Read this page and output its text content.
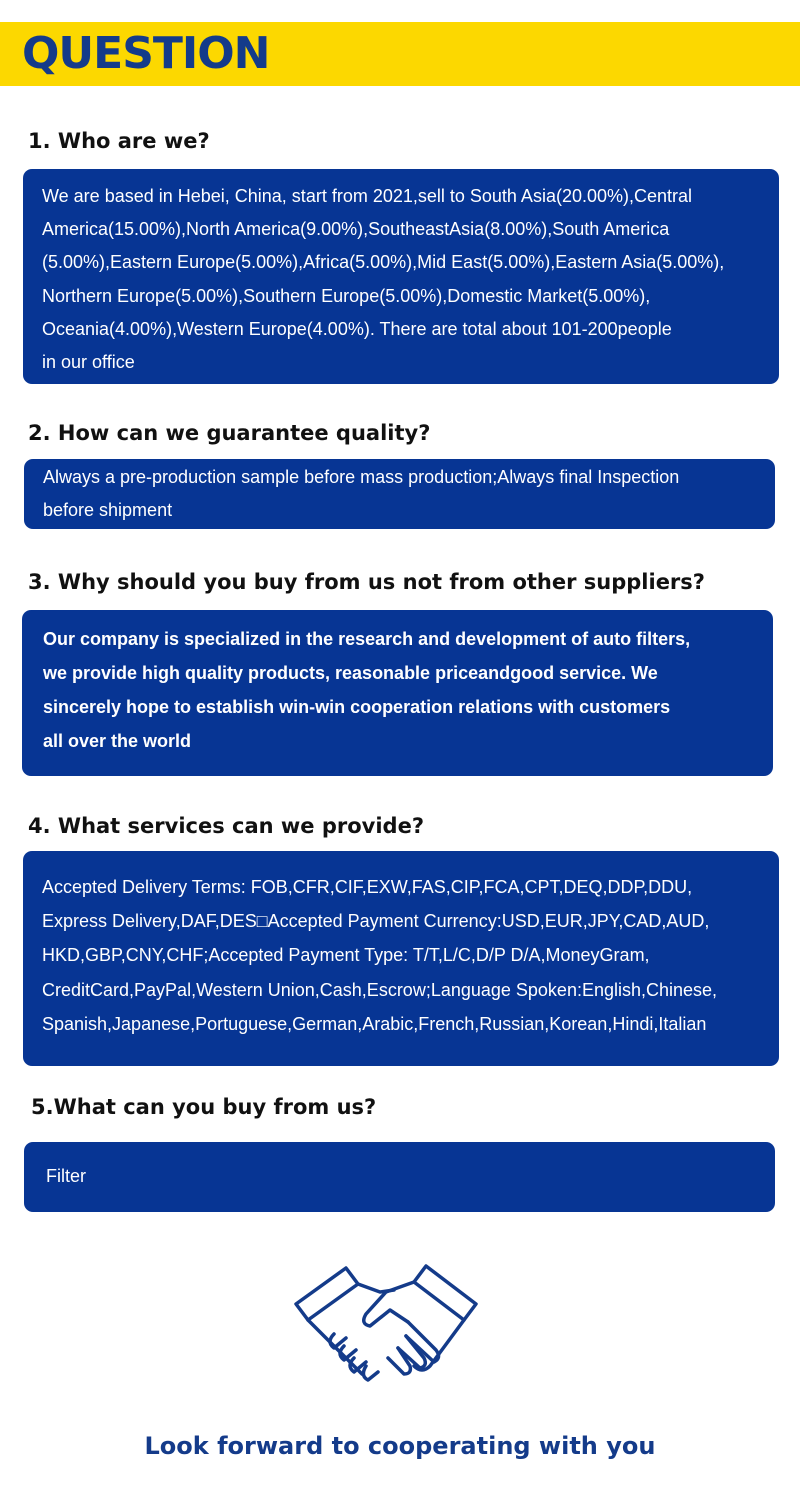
QUESTION
1. Who are we?
We are based in Hebei, China, start from 2021,sell to South Asia(20.00%),Central
America(15.00%),North America(9.00%),SoutheastAsia(8.00%),South America
(5.00%),Eastern Europe(5.00%),Africa(5.00%),Mid East(5.00%),Eastern Asia(5.00%),
Northern Europe(5.00%),Southern Europe(5.00%),Domestic Market(5.00%),
Oceania(4.00%),Western Europe(4.00%). There are total about 101-200people
in our office
2. How can we guarantee quality?
Always a pre-production sample before mass production;Always final Inspection
before shipment
3. Why should you buy from us not from other suppliers?
Our company is specialized in the research and development of auto filters,
we provide high quality products, reasonable priceandgood service. We
sincerely hope to establish win-win cooperation relations with customers
all over the world
4. What services can we provide?
Accepted Delivery Terms: FOB,CFR,CIF,EXW,FAS,CIP,FCA,CPT,DEQ,DDP,DDU,
Express Delivery,DAF,DES□Accepted Payment Currency:USD,EUR,JPY,CAD,AUD,
HKD,GBP,CNY,CHF;Accepted Payment Type: T/T,L/C,D/P D/A,MoneyGram,
CreditCard,PayPal,Western Union,Cash,Escrow;Language Spoken:English,Chinese,
Spanish,Japanese,Portuguese,German,Arabic,French,Russian,Korean,Hindi,Italian
5.What can you buy from us?
Filter
Look forward to cooperating with you
